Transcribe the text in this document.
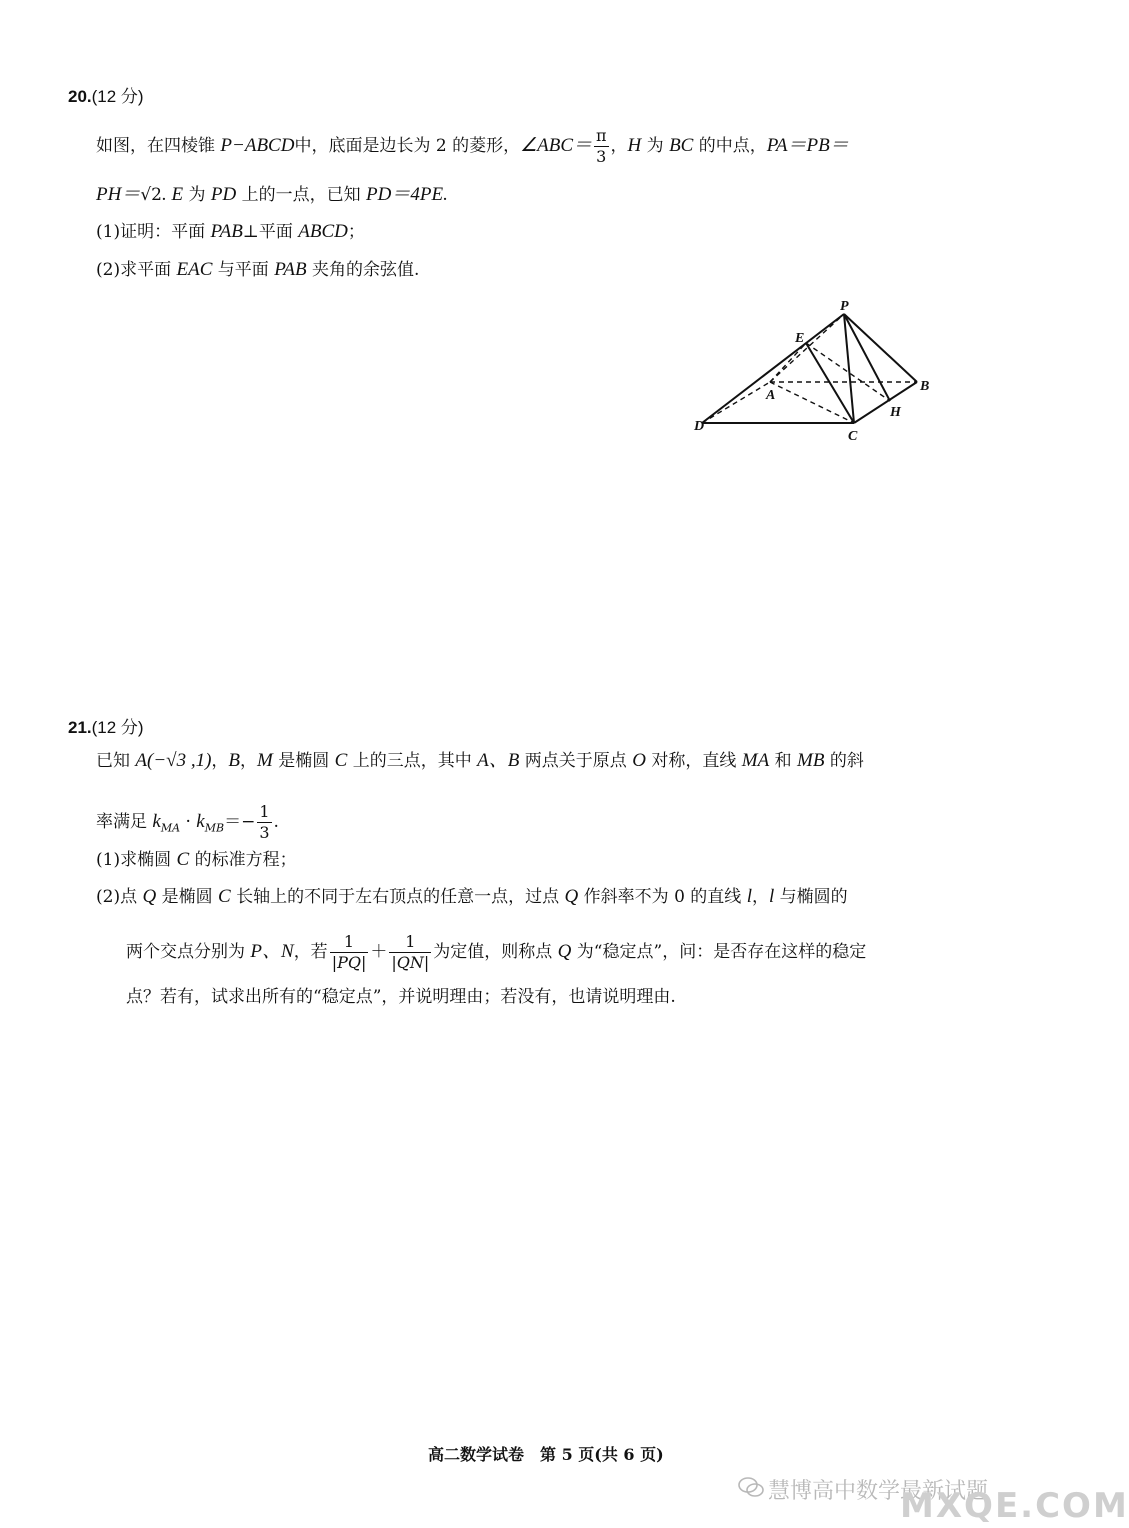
20.(12 分)
如图，在四棱锥 P−ABCD中，底面是边长为 2 的菱形，∠ABC＝ $\frac{\pi}{3}$ ，H 为 BC 的中点，PA＝PB＝
PH＝√2. E 为 PD 上的一点，已知 PD＝4PE.
(1)证明：平面 PAB⊥平面 ABCD；
(2)求平面 EAC 与平面 PAB 夹角的余弦值.
P
E
A
B
D
C
H
21.(12 分)
已知 A(−√3 ,1)，B，M 是椭圆 C 上的三点，其中 A、B 两点关于原点 O 对称，直线 MA 和 MB 的斜
率满足 $k_{MA} \cdot k_{MB}=- \frac{1}{3}$ .
(1)求椭圆 C 的标准方程；
(2)点 Q 是椭圆 C 长轴上的不同于左右顶点的任意一点，过点 Q 作斜率不为 0 的直线 l，l 与椭圆的
两个交点分别为 P、N，若 $\frac{1}{|PQ|} + \frac{1}{|QN|}$ 为定值，则称点 Q 为“稳定点”，问：是否存在这样的稳定
点？若有，试求出所有的“稳定点”，并说明理由；若没有，也请说明理由.
高二数学试卷　第 5 页(共 6 页)
慧博高中数学最新试题
MXQE.COM
